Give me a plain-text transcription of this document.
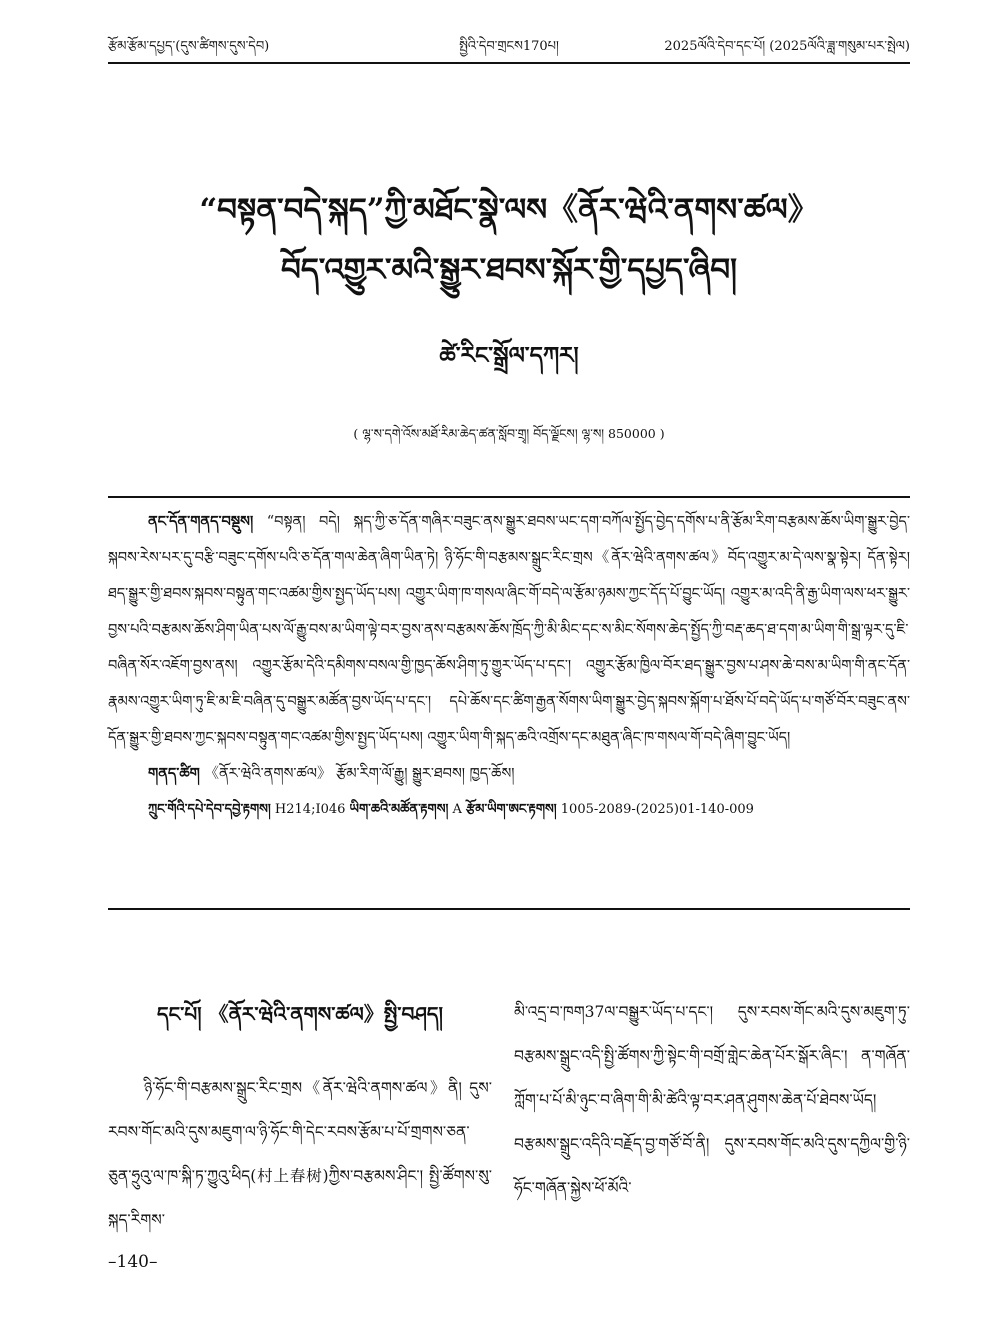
རྩོམ་རྩོམ་དཔྱད་(དུས་ཚིགས་དུས་དེབ)	སྤྱིའི་དེབ་གྲངས170པ།	2025ལོའི་དེབ་དང་པོ། (2025ལོའི་ཟླ་གསུམ་པར་སྤེལ)
“བསྟན་བདེ་སྐད”ཀྱི་མཐོང་སྣེ་ལས《ནོར་ཝེའི་ནགས་ཚལ》
བོད་འགྱུར་མའི་སྒྱུར་ཐབས་སྐོར་གྱི་དཔྱད་ཞིབ།
ཚེ་རིང་སྒྲོལ་དཀར།
( ལྷ་ས་དགེ་འོས་མཐོ་རིམ་ཆེད་ཚན་སློབ་གྲྭ། བོད་ལྗོངས། ལྷ་ས། 850000 )

ནང་དོན་གནད་བསྡུས། “བསྟན། བདེ། སྐད་ཀྱི་ཅ་དོན་གཞིར་བཟུང་ནས་སྒྱུར་ཐབས་ཡང་དག་བཀོལ་སྤྱོད་བྱེད་དགོས་པ་ནི་རྩོམ་རིག་བརྩམས་ཆོས་ཡིག་སྒྱུར་བྱེད་སྐབས་རེས་པར་དུ་བརྩི་བཟུང་དགོས་པའི་ཅ་དོན་གལ་ཆེན་ཞིག་ཡིན་ཏེ། ཉི་ཧོང་གི་བརྩམས་སྒྲུང་རིང་གྲས《ནོར་ཝེའི་ནགས་ཚལ》བོད་འགྱུར་མ་དེ་ལས་སྣ་སྟེར། དོན་སྟེར། ཐད་སྒྱུར་གྱི་ཐབས་སྐབས་བསྟུན་གང་འཚམ་གྱིས་སྤྱད་ཡོད་པས། འགྱུར་ཡིག་ཁ་གསལ་ཞིང་གོ་བདེ་ལ་རྩོམ་ཉམས་ཀྱང་དོད་པོ་བྱུང་ཡོད། འགྱུར་མ་འདི་ནི་རྒྱ་ཡིག་ལས་ཕར་སྒྱུར་བྱས་པའི་བརྩམས་ཆོས་ཤིག་ཡིན་པས་ལོ་རྒྱུ་བས་མ་ཡིག་ལྟེ་བར་བྱས་ནས་བརྩམས་ཆོས་ཁྲོད་ཀྱི་མི་མིང་དང་ས་མིང་སོགས་ཆེད་སྤྱོད་ཀྱི་བརྡ་ཆད་ཐ་དག་མ་ཡིག་གི་སྒྲ་ལྟར་དུ་ཇི་བཞིན་སོར་འཇོག་བྱས་ནས། འགྱུར་རྩོམ་དེའི་དམིགས་བསལ་གྱི་ཁྱད་ཆོས་ཤིག་ཏུ་གྱུར་ཡོད་པ་དང་། འགྱུར་རྩོམ་ཁྱིལ་བོར་ཐད་སྒྱུར་བྱས་པ་ཤས་ཆེ་བས་མ་ཡིག་གི་ནང་དོན་རྣམས་འགྱུར་ཡིག་ཏུ་ཇི་མ་ཇི་བཞིན་དུ་བསྒྱུར་མཚོན་བྱས་ཡོད་པ་དང་། དཔེ་ཆོས་དང་ཚིག་རྒྱན་སོགས་ཡིག་སྒྱུར་བྱེད་སྐབས་སྐོག་པ་ཐོས་པོ་བདེ་ཡོད་པ་གཙོ་བོར་བཟུང་ནས་དོན་སྒྱུར་གྱི་ཐབས་ཀྱང་སྐབས་བསྟུན་གང་འཚམ་གྱིས་སྤྱད་ཡོད་པས། འགྱུར་ཡིག་གི་སྐད་ཆའི་འགྲོས་དང་མཐུན་ཞིང་ཁ་གསལ་གོ་བདེ་ཞིག་བྱུང་ཡོད།

གནད་ཚིག 《ནོར་ཝེའི་ནགས་ཚལ》 རྩོམ་རིག་ལོ་རྒྱུ། སྒྱུར་ཐབས། ཁྱད་ཆོས།
ཀྲུང་གོའི་དཔེ་དེབ་དབྱེ་རྟགས། H214;I046 ཡིག་ཆའི་མཚོན་རྟགས། A རྩོམ་ཡིག་ཨང་རྟགས། 1005-2089-(2025)01-140-009
དང་པོ། 《ནོར་ཝེའི་ནགས་ཚལ》སྤྱི་བཤད།

ཉི་ཧོང་གི་བརྩམས་སྒྲུང་རིང་གྲས《ནོར་ཝེའི་ནགས་ཚལ》ནི། དུས་རབས་གོང་མའི་དུས་མཇུག་ལ་ཉི་ཧོང་གི་དེང་རབས་རྩོམ་པ་པོ་གྲགས་ཅན་ཅུན་ཧྲུའུ་ལ་ཁ་སྐི་ཏ་ཀྱུའུ་ཕིད(村上春树)ཀྱིས་བརྩམས་ཤིང་། སྤྱི་ཚོགས་སུ་སྐད་རིགས་

མི་འདྲ་བ་ཁག37ལ་བསྒྱུར་ཡོད་པ་དང་། དུས་རབས་གོང་མའི་དུས་མཇུག་ཏུ་བརྩམས་སྒྲུང་འདི་སྤྱི་ཚོགས་ཀྱི་སྟེང་གི་བགྲོ་གླེང་ཆེན་པོར་སྒོར་ཞིང་། ན་གཞོན་ཀློག་པ་པོ་མི་ཉུང་བ་ཞིག་གི་མི་ཚེའི་ལྟ་བར་ཤན་ཤུགས་ཆེན་པོ་ཐེབས་ཡོད། བརྩམས་སྒྲུང་འདིའི་བརྗོད་བྱ་གཙོ་བོ་ནི། དུས་རབས་གོང་མའི་དུས་དཀྱིལ་གྱི་ཉི་ཧོང་གཞོན་སྐྱེས་ཕོ་མོའི་

–140–
